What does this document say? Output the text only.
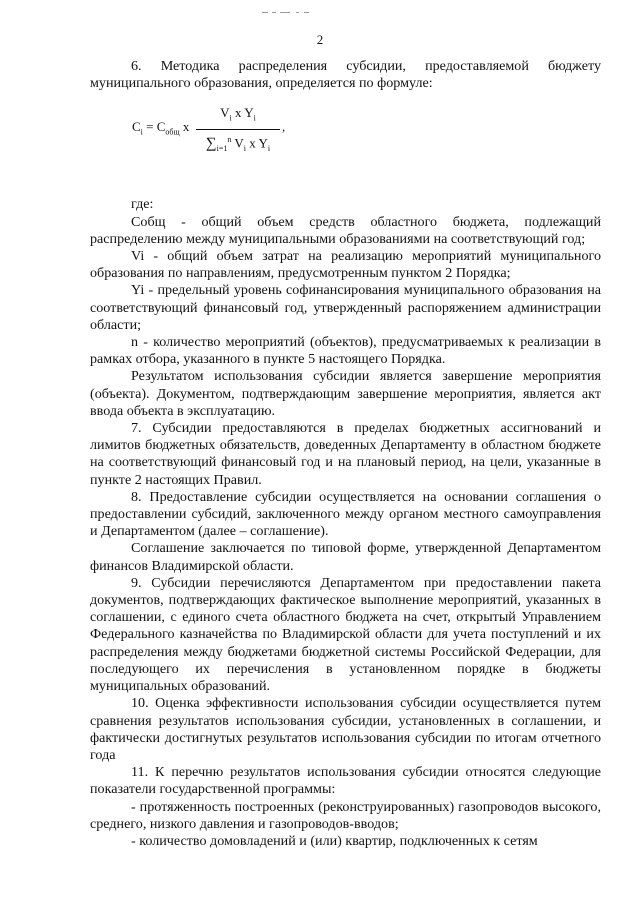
2

6. Методика распределения субсидии, предоставляемой бюджету муниципального образования, определяется по формуле:

$C_i = C_{общ}$ x
$V_i$ x $Y_i$
$\sum_{i=1}^n$ $V_i$ x $Y_i$
,

где:

Собщ - общий объем средств областного бюджета, подлежащий распределению между муниципальными образованиями на соответствующий год;

Vi - общий объем затрат на реализацию мероприятий муниципального образования по направлениям, предусмотренным пунктом 2 Порядка;

Yi - предельный уровень софинансирования муниципального образования на соответствующий финансовый год, утвержденный распоряжением администрации области;

n - количество мероприятий (объектов), предусматриваемых к реализации в рамках отбора, указанного в пункте 5 настоящего Порядка.

Результатом использования субсидии является завершение мероприятия (объекта). Документом, подтверждающим завершение мероприятия, является акт ввода объекта в эксплуатацию.

7. Субсидии предоставляются в пределах бюджетных ассигнований и лимитов бюджетных обязательств, доведенных Департаменту в областном бюджете на соответствующий финансовый год и на плановый период, на цели, указанные в пункте 2 настоящих Правил.

8. Предоставление субсидии осуществляется на основании соглашения о предоставлении субсидий, заключенного между органом местного самоуправления и Департаментом (далее – соглашение).

Соглашение заключается по типовой форме, утвержденной Департаментом финансов Владимирской области.

9. Субсидии перечисляются Департаментом при предоставлении пакета документов, подтверждающих фактическое выполнение мероприятий, указанных в соглашении, с единого счета областного бюджета на счет, открытый Управлением Федерального казначейства по Владимирской области для учета поступлений и их распределения между бюджетами бюджетной системы Российской Федерации, для последующего их перечисления в установленном порядке в бюджеты муниципальных образований.

10. Оценка эффективности использования субсидии осуществляется путем сравнения результатов использования субсидии, установленных в соглашении, и фактически достигнутых результатов использования субсидии по итогам отчетного года

11. К перечню результатов использования субсидии относятся следующие показатели государственной программы:

- протяженность построенных (реконструированных) газопроводов высокого, среднего, низкого давления и газопроводов-вводов;

- количество домовладений и (или) квартир, подключенных к сетям
